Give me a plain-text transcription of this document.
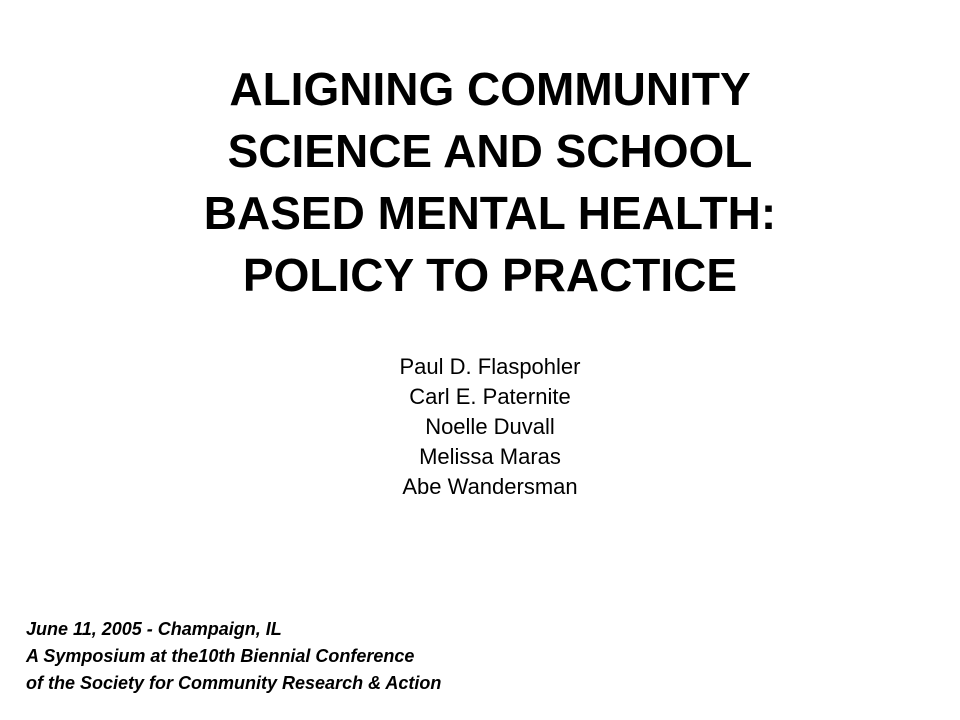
ALIGNING COMMUNITY
SCIENCE AND SCHOOL
BASED MENTAL HEALTH:
POLICY TO PRACTICE
Paul D. Flaspohler
Carl E. Paternite
Noelle Duvall
Melissa Maras
Abe Wandersman
June 11, 2005 - Champaign, IL
A Symposium at the10th Biennial Conference
of the Society for Community Research & Action
